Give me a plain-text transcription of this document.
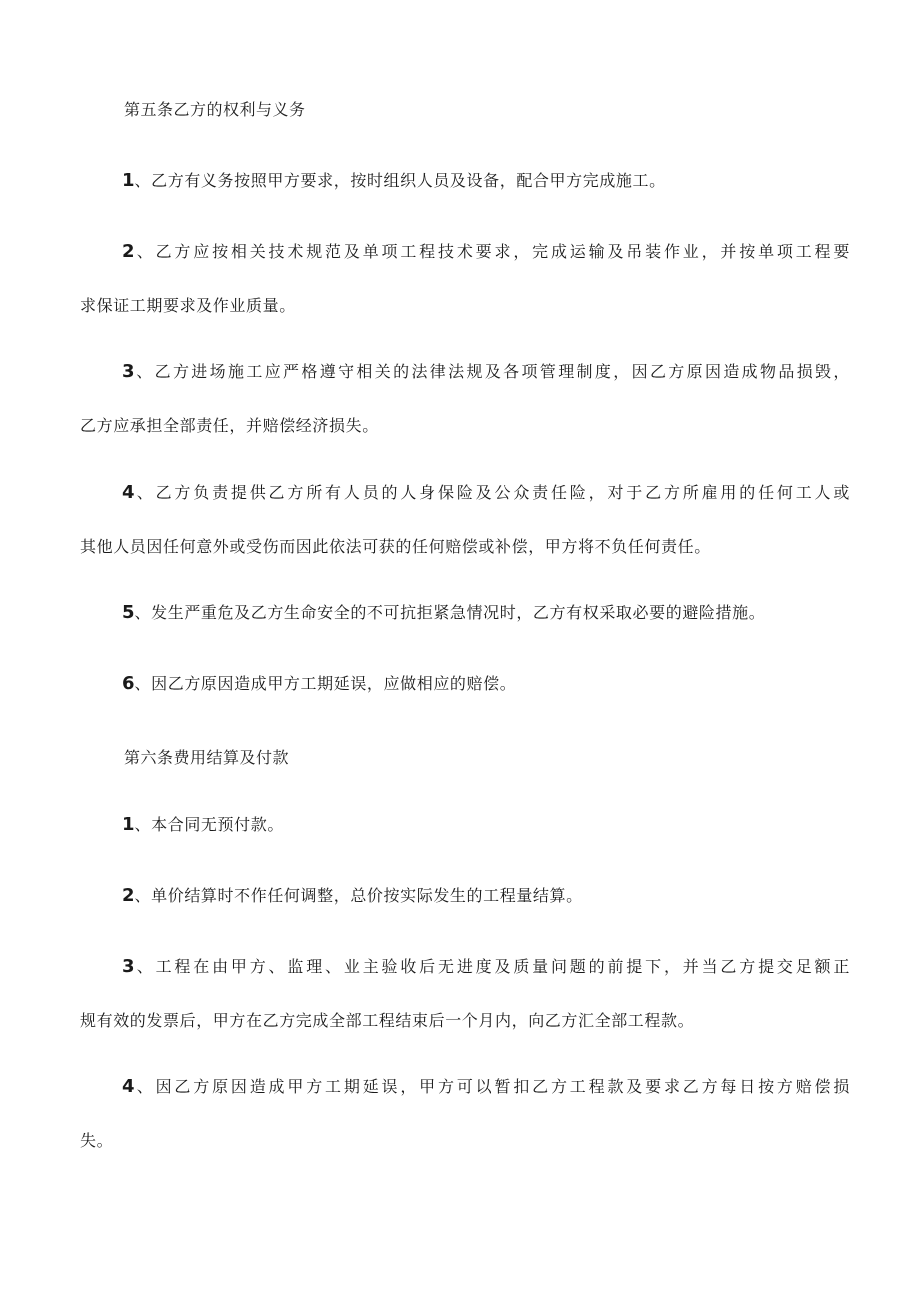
第五条乙方的权利与义务

1、乙方有义务按照甲方要求，按时组织人员及设备，配合甲方完成施工。

2、乙方应按相关技术规范及单项工程技术要求，完成运输及吊装作业，并按单项工程要
求保证工期要求及作业质量。

3、乙方进场施工应严格遵守相关的法律法规及各项管理制度，因乙方原因造成物品损毁，
乙方应承担全部责任，并赔偿经济损失。

4、乙方负责提供乙方所有人员的人身保险及公众责任险，对于乙方所雇用的任何工人或
其他人员因任何意外或受伤而因此依法可获的任何赔偿或补偿，甲方将不负任何责任。

5、发生严重危及乙方生命安全的不可抗拒紧急情况时，乙方有权采取必要的避险措施。

6、因乙方原因造成甲方工期延误，应做相应的赔偿。

第六条费用结算及付款

1、本合同无预付款。

2、单价结算时不作任何调整，总价按实际发生的工程量结算。

3、工程在由甲方、监理、业主验收后无进度及质量问题的前提下，并当乙方提交足额正
规有效的发票后，甲方在乙方完成全部工程结束后一个月内，向乙方汇全部工程款。

4、因乙方原因造成甲方工期延误，甲方可以暂扣乙方工程款及要求乙方每日按方赔偿损
失。
